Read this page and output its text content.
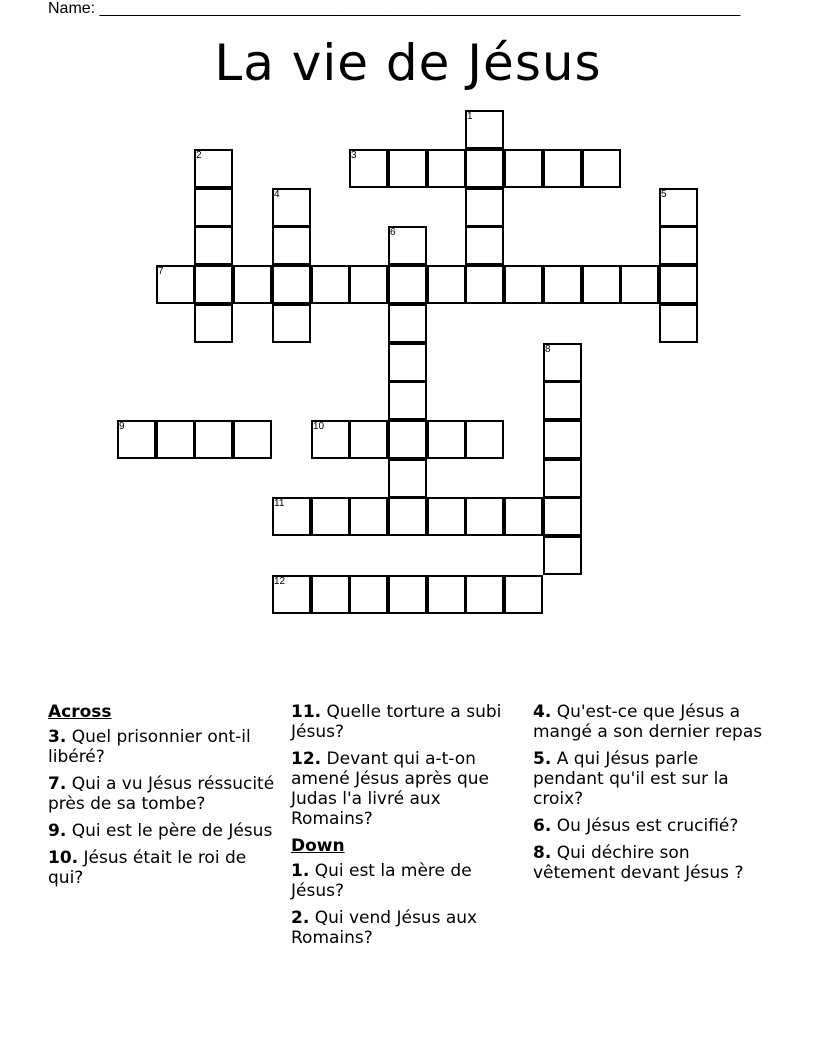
Name: ________________________________________________________________________
La vie de Jésus
1
2	3
4	5
6
7
8
9	10
11
12
Across
3. Quel prisonnier ont-il libéré?
7. Qui a vu Jésus réssucité près de sa tombe?
9. Qui est le père de Jésus
10. Jésus était le roi de qui?
11. Quelle torture a subi Jésus?
12. Devant qui a-t-on amené Jésus après que Judas l'a livré aux Romains?
Down
1. Qui est la mère de Jésus?
2. Qui vend Jésus aux Romains?
4. Qu'est-ce que Jésus a mangé a son dernier repas
5. A qui Jésus parle pendant qu'il est sur la croix?
6. Ou Jésus est crucifié?
8. Qui déchire son vêtement devant Jésus ?
